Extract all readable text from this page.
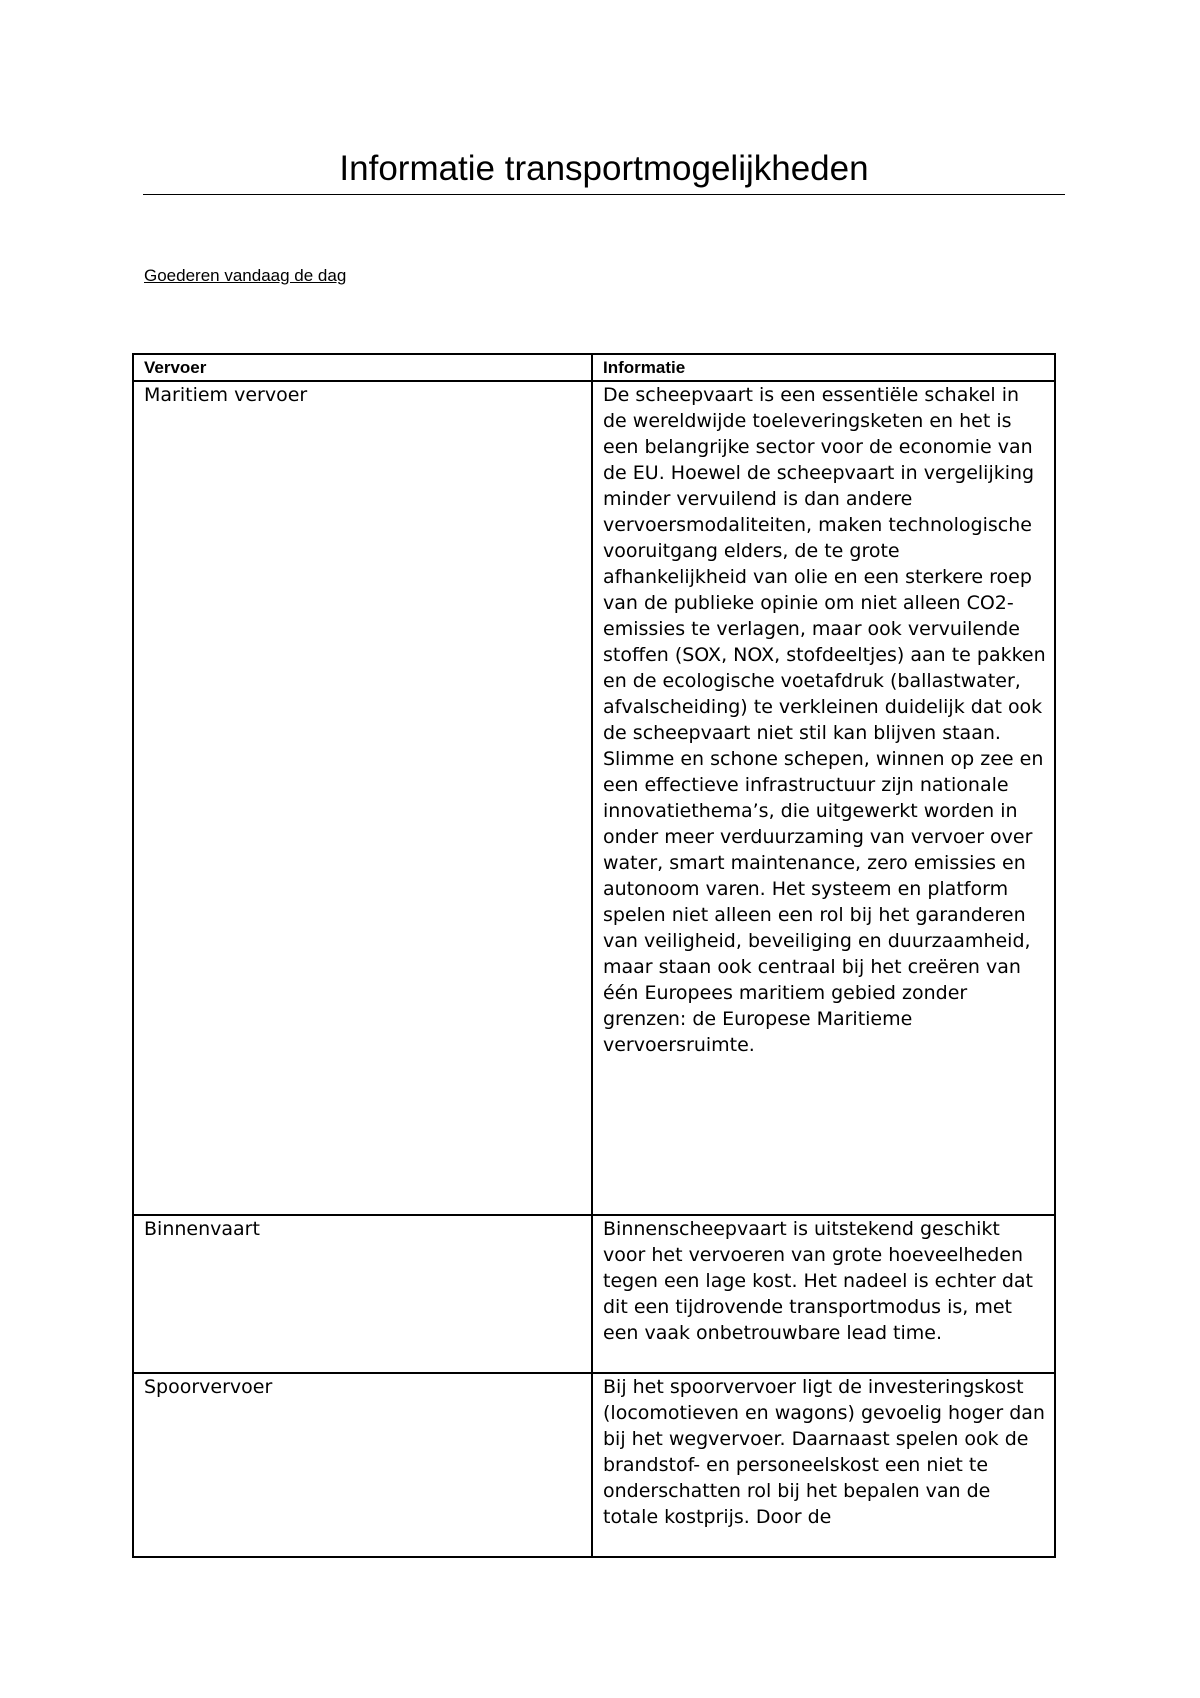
Informatie transportmogelijkheden

Goederen vandaag de dag

Vervoer	Informatie
Maritiem vervoer	De scheepvaart is een essentiële schakel in de wereldwijde toeleveringsketen en het is een belangrijke sector voor de economie van de EU. Hoewel de scheepvaart in vergelijking minder vervuilend is dan andere vervoersmodaliteiten, maken technologische vooruitgang elders, de te grote afhankelijkheid van olie en een sterkere roep van de publieke opinie om niet alleen CO2-emissies te verlagen, maar ook vervuilende stoffen (SOX, NOX, stofdeeltjes) aan te pakken en de ecologische voetafdruk (ballastwater, afvalscheiding) te verkleinen duidelijk dat ook de scheepvaart niet stil kan blijven staan. Slimme en schone schepen, winnen op zee en een effectieve infrastructuur zijn nationale innovatiethema’s, die uitgewerkt worden in onder meer verduurzaming van vervoer over water, smart maintenance, zero emissies en autonoom varen. Het systeem en platform spelen niet alleen een rol bij het garanderen van veiligheid, beveiliging en duurzaamheid, maar staan ook centraal bij het creëren van één Europees maritiem gebied zonder grenzen: de Europese Maritieme vervoersruimte.
Binnenvaart	Binnenscheepvaart is uitstekend geschikt voor het vervoeren van grote hoeveelheden tegen een lage kost. Het nadeel is echter dat dit een tijdrovende transportmodus is, met een vaak onbetrouwbare lead time.
Spoorvervoer	Bij het spoorvervoer ligt de investeringskost (locomotieven en wagons) gevoelig hoger dan bij het wegvervoer. Daarnaast spelen ook de brandstof- en personeelskost een niet te onderschatten rol bij het bepalen van de totale kostprijs. Door de
